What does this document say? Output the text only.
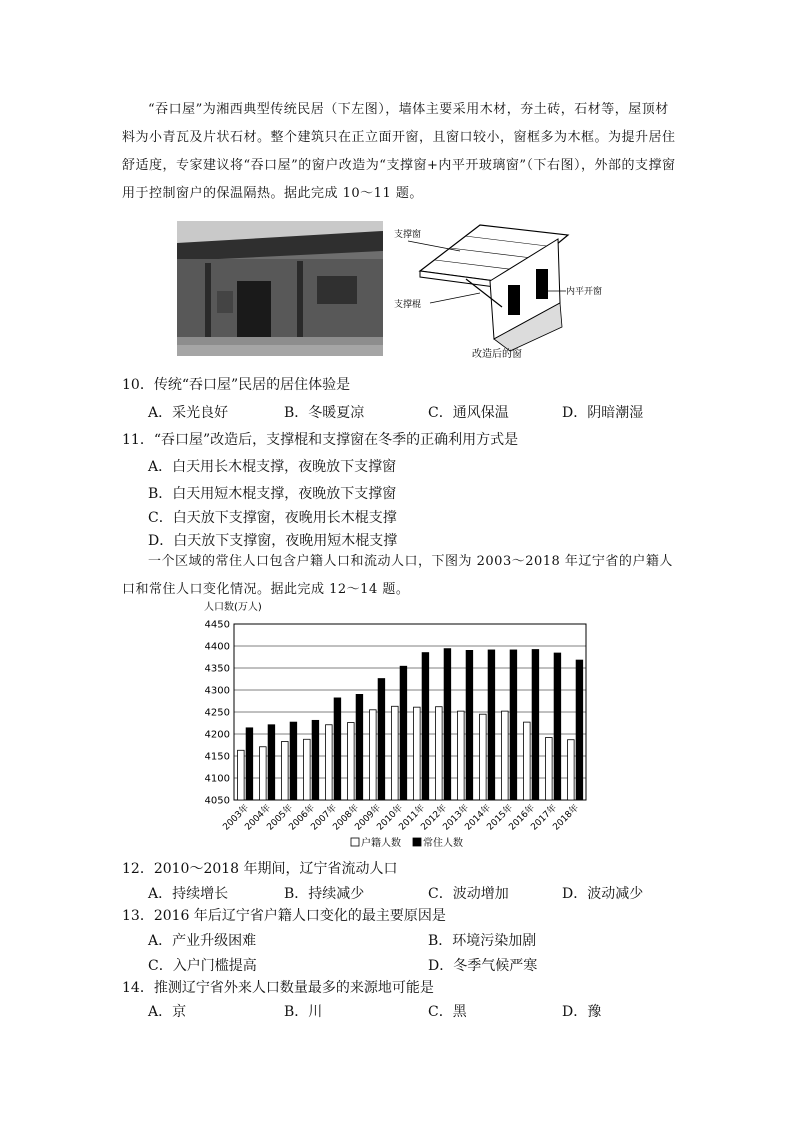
“吞口屋”为湘西典型传统民居（下左图），墙体主要采用木材，夯土砖，石材等，屋顶材料为小青瓦及片状石材。整个建筑只在正立面开窗，且窗口较小，窗框多为木框。为提升居住舒适度，专家建议将“吞口屋”的窗户改造为“支撑窗+内平开玻璃窗”（下右图），外部的支撑窗用于控制窗户的保温隔热。据此完成 10～11 题。
支撑窗
支撑棍
内平开窗
改造后的窗
10．传统“吞口屋”民居的居住体验是
A．采光良好	B．冬暖夏凉	C．通风保温	D．阴暗潮湿
11．“吞口屋”改造后，支撑棍和支撑窗在冬季的正确利用方式是
A．白天用长木棍支撑，夜晚放下支撑窗
B．白天用短木棍支撑，夜晚放下支撑窗
C．白天放下支撑窗，夜晚用长木棍支撑
D．白天放下支撑窗，夜晚用短木棍支撑
一个区域的常住人口包含户籍人口和流动人口，下图为 2003～2018 年辽宁省的户籍人口和常住人口变化情况。据此完成 12～14 题。
人口数(万人)
4050
4100
4150
4200
4250
4300
4350
4400
4450
2003年
2004年
2005年
2006年
2007年
2008年
2009年
2010年
2011年
2012年
2013年
2014年
2015年
2016年
2017年
2018年
户籍人数 常住人数
12．2010～2018 年期间，辽宁省流动人口
A．持续增长	B．持续减少	C．波动增加	D．波动减少
13．2016 年后辽宁省户籍人口变化的最主要原因是
A．产业升级困难	B．环境污染加剧
C．入户门槛提高	D．冬季气候严寒
14．推测辽宁省外来人口数量最多的来源地可能是
A．京	B．川	C．黑	D．豫
